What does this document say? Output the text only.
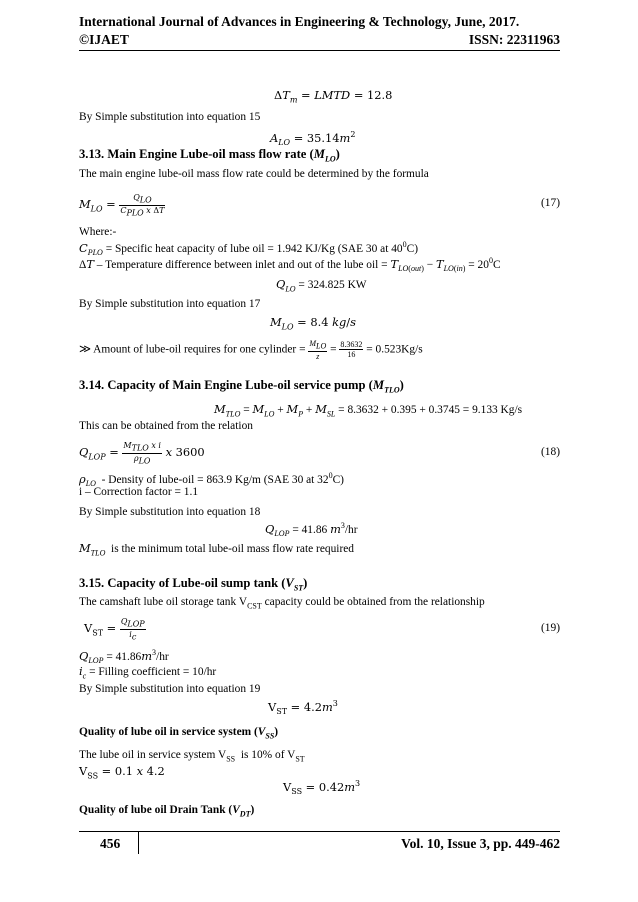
International Journal of Advances in Engineering & Technology, June, 2017.
©IJAET	ISSN: 22311963
$\Delta T_m$ = LMTD = 12.8
By Simple substitution into equation 15
$A_{LO} = 35.14m^2$
3.13. Main Engine Lube-oil mass flow rate $(M_{LO})$
The main engine lube-oil mass flow rate could be determined by the formula
$M_{LO} = \frac{Q_{LO}}{C_{PLO} x \Delta T}$	(17)
Where:-
$C_{PLO}$ = Specific heat capacity of lube oil = 1.942 KJ/Kg (SAE 30 at $40^0C$)
ΔT – Temperature difference between inlet and out of the lube oil = $T_{LO(out)} - T_{LO(in)} = 20^0C$
$Q_{LO} = 324.825$ KW
By Simple substitution into equation 17
$M_{LO} = 8.4$ kg/s
≫ Amount of lube-oil requires for one cylinder = $\frac{M_{LO}}{z} = \frac{8.3632}{16} = 0.523Kg/s$
3.14. Capacity of Main Engine Lube-oil service pump $(M_{TLO})$
$M_{TLO} = M_{LO} + M_P + M_{SL} = 8.3632 + 0.395 + 0.3745 = 9.133$ Kg/s
This can be obtained from the relation
$Q_{LOP} = \frac{M_{TLO} x i}{\rho_{LO}}$ x 3600	(18)
$\rho_{LO}$  - Density of lube-oil = 863.9 Kg/m (SAE 30 at $32^0C$)
i – Correction factor = 1.1
By Simple substitution into equation 18
$Q_{LOP} = 41.86$ $m^3/hr$
$M_{TLO}$  is the minimum total lube-oil mass flow rate required
3.15. Capacity of Lube-oil sump tank $(V_{ST})$
The camshaft lube oil storage tank $V_{CST}$ capacity could be obtained from the relationship
$V_{ST} = \frac{Q_{LOP}}{i_c}$	(19)
$Q_{LOP} = 41.86m^3/hr$
$i_c$ = Filling coefficient = 10/hr
By Simple substitution into equation 19
$V_{ST} = 4.2m^3$
Quality of lube oil in service system $(V_{SS})$
The lube oil in service system $V_{SS}$  is 10% of $V_{ST}$
$V_{SS} = 0.1$ x 4.2
$V_{SS} = 0.42m^3$
Quality of lube oil Drain Tank $(V_{DT})$
456	Vol. 10, Issue 3, pp. 449-462
